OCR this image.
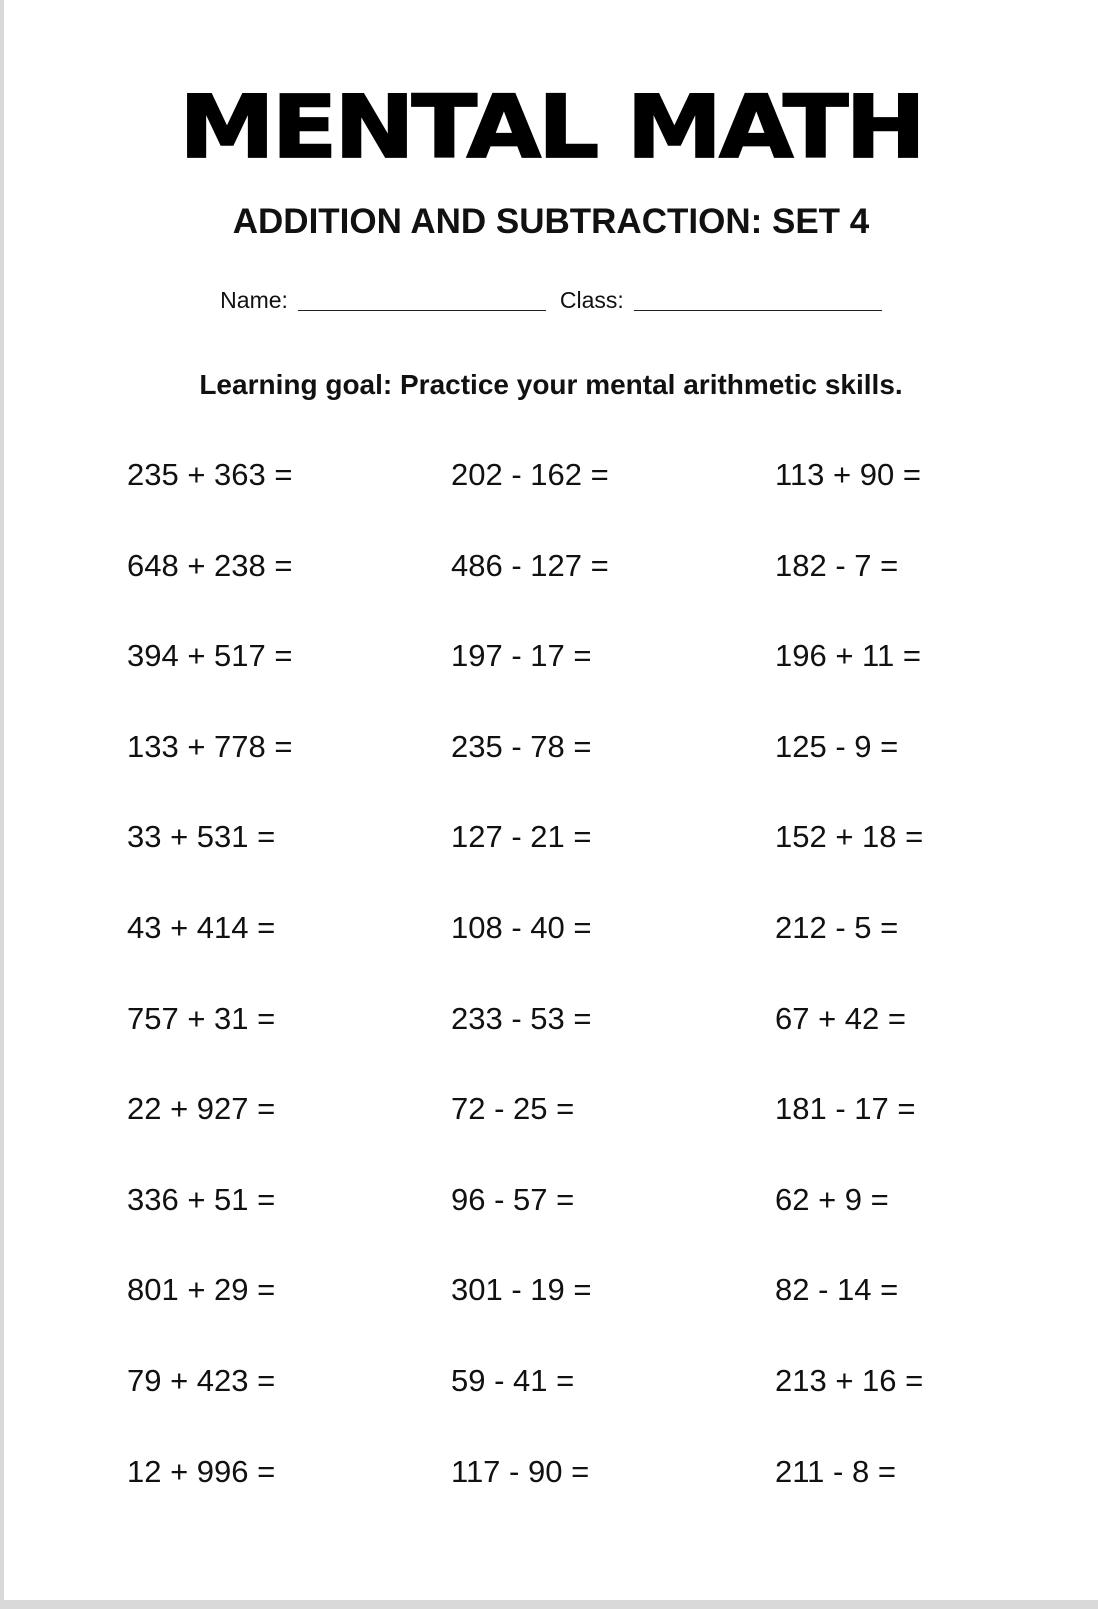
MENTAL MATH
ADDITION AND SUBTRACTION: SET 4
Name:	Class:

Learning goal: Practice your mental arithmetic skills.

235 + 363 =	202 - 162 =	113 + 90 =
648 + 238 =	486 - 127 =	182 - 7 =
394 + 517 =	197 - 17 =	196 + 11 =
133 + 778 =	235 - 78 =	125 - 9 =
33 + 531 =	127 - 21 =	152 + 18 =
43 + 414 =	108 - 40 =	212 - 5 =
757 + 31 =	233 - 53 =	67 + 42 =
22 + 927 =	72 - 25 =	181 - 17 =
336 + 51 =	96 - 57 =	62 + 9 =
801 + 29 =	301 - 19 =	82 - 14 =
79 + 423 =	59 - 41 =	213 + 16 =
12 + 996 =	117 - 90 =	211 - 8 =
